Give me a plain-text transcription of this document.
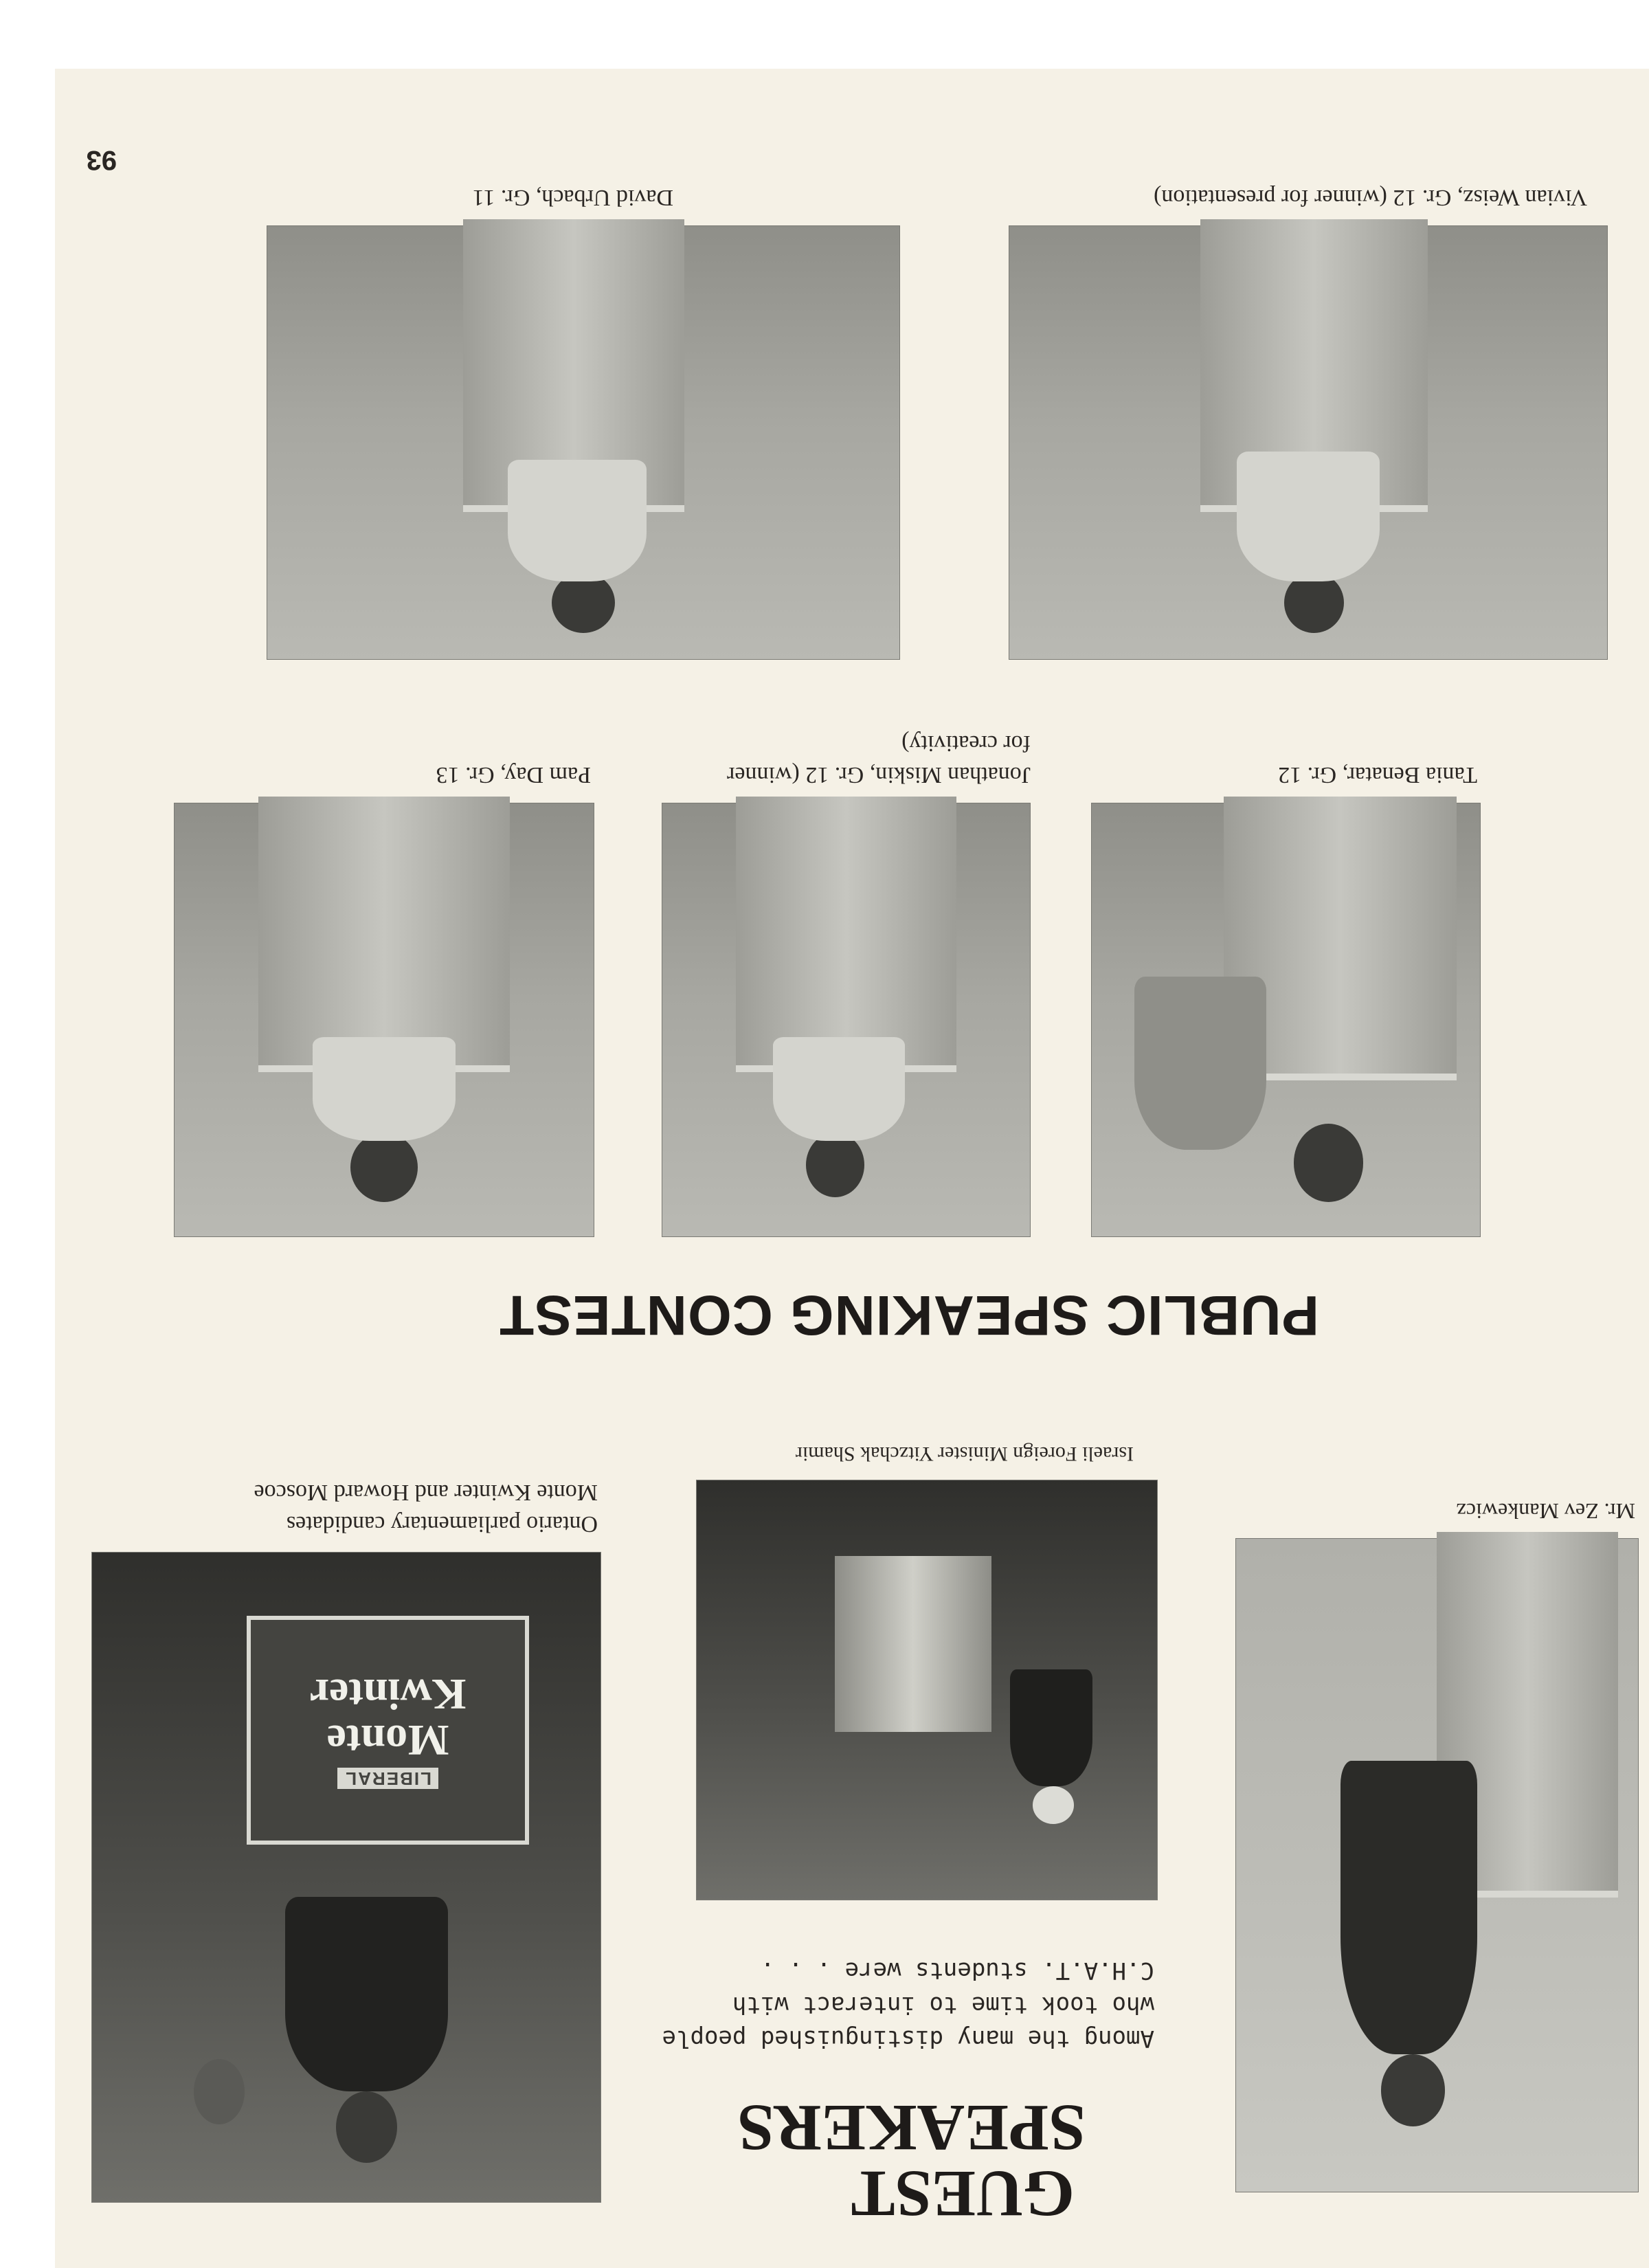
93
GUEST
SPEAKERS
Among the many distinguished people
who took time to interact with
C.H.A.T. students were . . .
LIBERAL
Monte
Kwinter
Ontario parliamentary candidates
Monte Kwinter and Howard Moscoe
Israeli Foreign Minister Yitzchak Shamir
Mr. Zev Mankewicz
PUBLIC SPEAKING CONTEST
Pam Day, Gr. 13	Jonathan Miskin, Gr. 12 (winner
for creativity)
Tania Benatar, Gr. 12
David Urbach, Gr. 11	Vivian Weisz, Gr. 12 (winner for presentation)
